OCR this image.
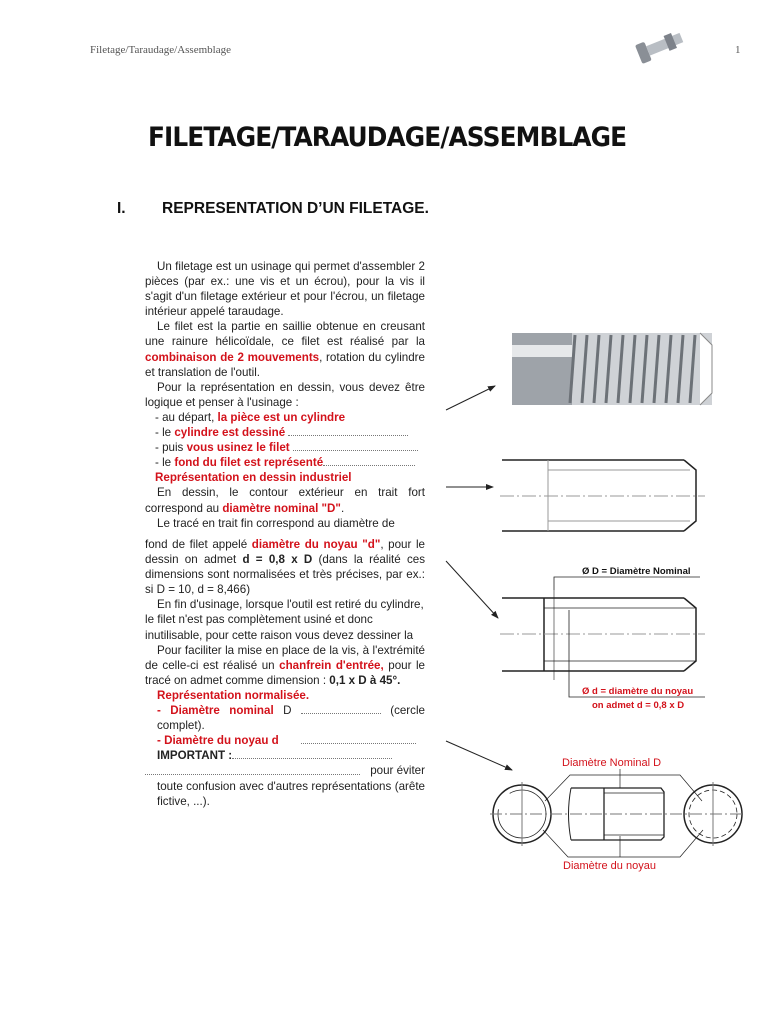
Filetage/Taraudage/Assemblage	1
FILETAGE/TARAUDAGE/ASSEMBLAGE
I. REPRESENTATION D’UN FILETAGE.

Un filetage est un usinage qui permet d'assembler 2 pièces (par ex.: une vis et un écrou), pour la vis il s'agit d'un filetage extérieur et pour l'écrou, un filetage intérieur appelé taraudage.

Le filet est la partie en saillie obtenue en creusant une rainure hélicoïdale, ce filet est réalisé par la combinaison de 2 mouvements, rotation du cylindre et translation de l'outil.

Pour la représentation en dessin, vous devez être logique et penser à l'usinage :

- au départ, la pièce est un cylindre

- le cylindre est dessiné

- puis vous usinez le filet

- le fond du filet est représenté

Représentation en dessin industriel

En dessin, le contour extérieur en trait fort correspond au diamètre nominal "D".

Le tracé en trait fin correspond au diamètre de

fond de filet appelé diamètre du noyau "d", pour le dessin on admet d = 0,8 x D (dans la réalité ces dimensions sont normalisées et très précises, par ex.: si D = 10, d = 8,466)

En fin d'usinage, lorsque l'outil est retiré du cylindre, le filet n'est pas complètement usiné et donc inutilisable, pour cette raison vous devez dessiner la

Pour faciliter la mise en place de la vis, à l'extrémité de celle-ci est réalisé un chanfrein d'entrée, pour le tracé on admet comme dimension : 0,1 x D à 45°.

Représentation normalisée.

- Diamètre nominal D	(cercle complet).

- Diamètre du noyau d

IMPORTANT :

pour éviter

toute confusion avec d'autres représentations (arête fictive, ...).

Ø D = Diamètre Nominal
Ø d = diamètre du noyau
on admet d = 0,8 x D
Diamètre Nominal D
Diamètre du noyau
